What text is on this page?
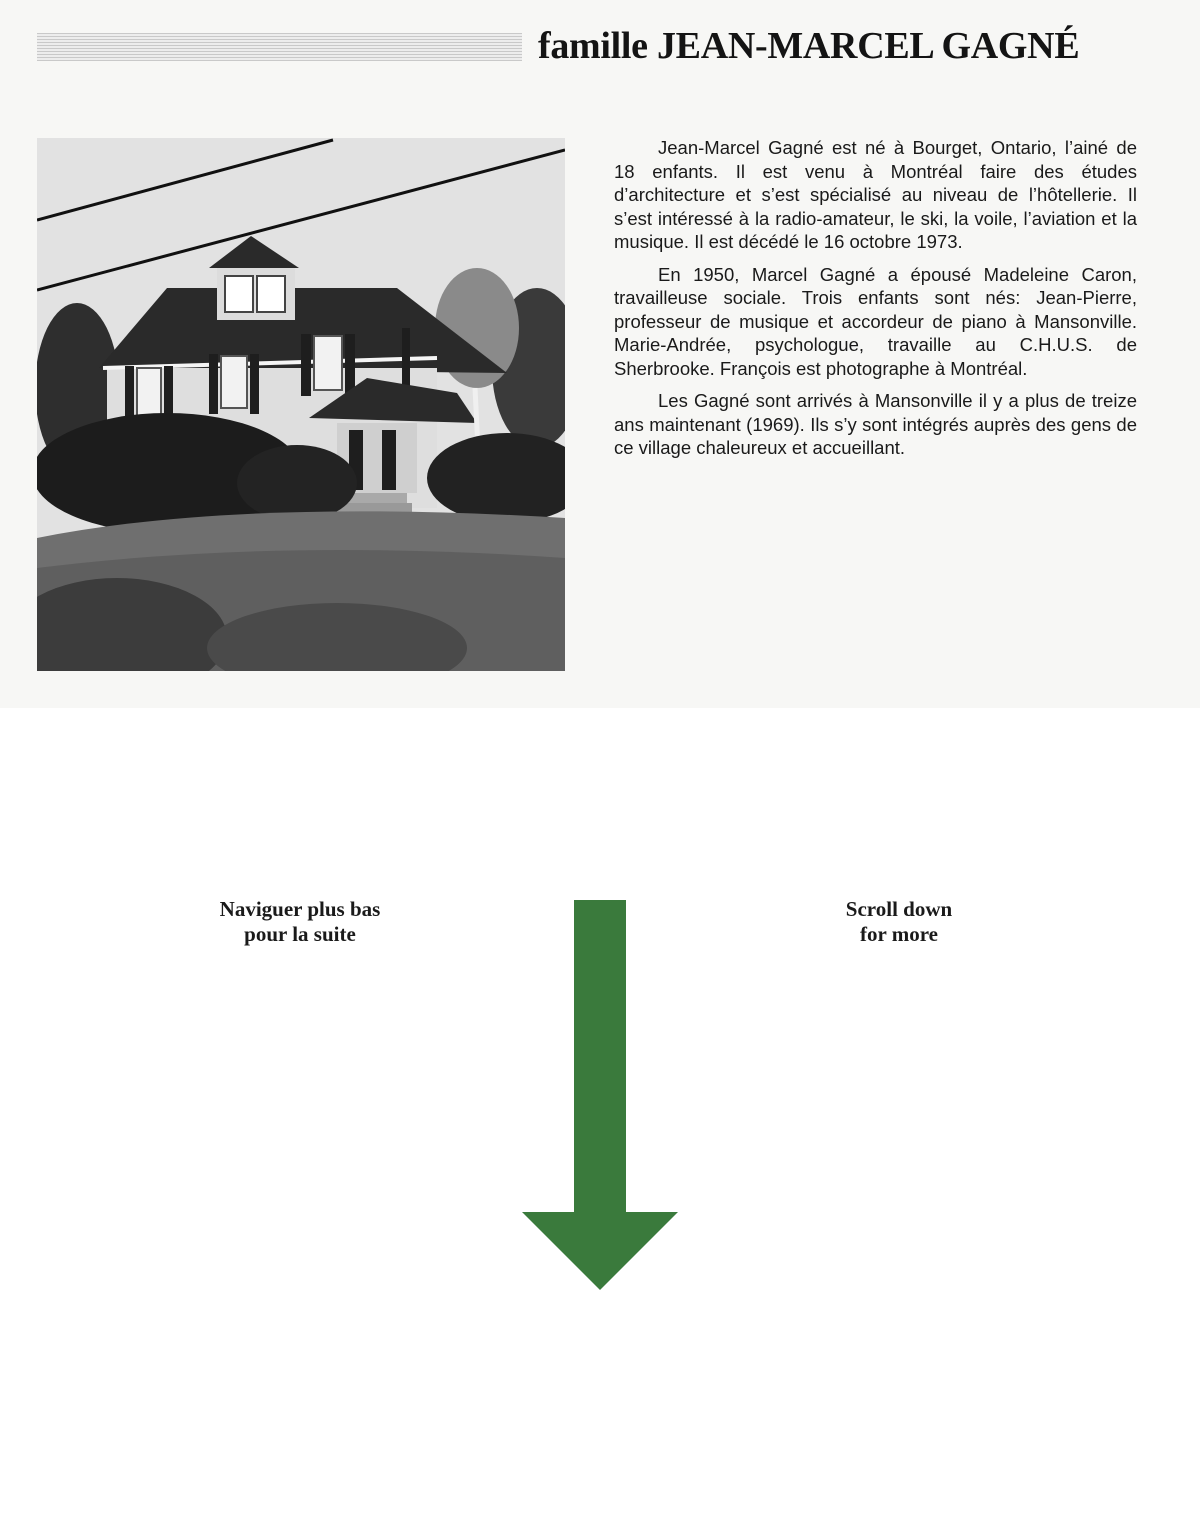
famille JEAN-MARCEL GAGNÉ

Jean-Marcel Gagné est né à Bourget, Ontario, l’ainé de 18 enfants. Il est venu à Montréal faire des études d’architecture et s’est spécialisé au niveau de l’hôtellerie. Il s’est intéressé à la radio-amateur, le ski, la voile, l’aviation et la musique. Il est décédé le 16 octobre 1973.

En 1950, Marcel Gagné a épousé Madeleine Caron, travailleuse sociale. Trois enfants sont nés: Jean-Pierre, professeur de musique et accordeur de piano à Mansonville. Marie-Andrée, psychologue, travaille au C.H.U.S. de Sherbrooke. François est photographe à Montréal.

Les Gagné sont arrivés à Mansonville il y a plus de treize ans maintenant (1969). Ils s’y sont intégrés auprès des gens de ce village chaleureux et accueillant.

Naviguer plus bas
pour la suite
Scroll down
for more
